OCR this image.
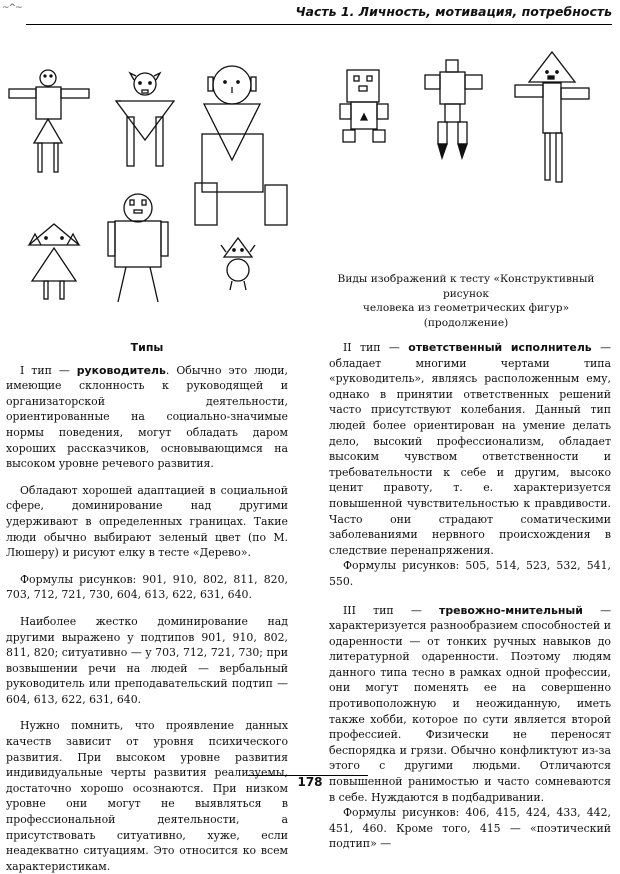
~^~	Часть 1. Личность, мотивация, потребность
Виды изображений к тесту «Конструктивный рисунок
человека из геометрических фигур» (продолжение)

Типы

I тип — руководитель. Обычно это люди, имеющие склонность к руководящей и организаторской деятельности, ориентированные на социально-значимые нормы поведения, могут обладать даром хороших рассказчиков, основывающимся на высоком уровне речевого развития.

Обладают хорошей адаптацией в социальной сфере, доминирование над другими удерживают в определенных границах. Такие люди обычно выбирают зеленый цвет (по М. Люшеру) и рисуют елку в тесте «Дерево».

Формулы рисунков: 901, 910, 802, 811, 820, 703, 712, 721, 730, 604, 613, 622, 631, 640.

Наиболее жестко доминирование над другими выражено у подтипов 901, 910, 802, 811, 820; ситуативно — у 703, 712, 721, 730; при возвышении речи на людей — вербальный руководитель или преподавательский подтип — 604, 613, 622, 631, 640.

Нужно помнить, что проявление данных качеств зависит от уровня психического развития. При высоком уровне развития индивидуальные черты развития реализуемы, достаточно хорошо осознаются. При низком уровне они могут не выявляться в профессиональной деятельности, а присутствовать ситуативно, хуже, если неадекватно ситуациям. Это относится ко всем характеристикам.

II тип — ответственный исполнитель — обладает многими чертами типа «руководитель», являясь расположенным ему, однако в принятии ответственных решений часто присутствуют колебания. Данный тип людей более ориентирован на умение делать дело, высокий профессионализм, обладает высоким чувством ответственности и требовательности к себе и другим, высоко ценит правоту, т. е. характеризуется повышенной чувствительностью к правдивости. Часто они страдают соматическими заболеваниями нервного происхождения в следствие перенапряжения.

Формулы рисунков: 505, 514, 523, 532, 541, 550.

III тип — тревожно-мнительный — характеризуется разнообразием способностей и одаренности — от тонких ручных навыков до литературной одаренности. Поэтому людям данного типа тесно в рамках одной профессии, они могут поменять ее на совершенно противоположную и неожиданную, иметь также хобби, которое по сути является второй профессией. Физически не переносят беспорядка и грязи. Обычно конфликтуют из-за этого с другими людьми. Отличаются повышенной ранимостью и часто сомневаются в себе. Нуждаются в подбадривании.

Формулы рисунков: 406, 415, 424, 433, 442, 451, 460. Кроме того, 415 — «поэтический подтип» —

178
